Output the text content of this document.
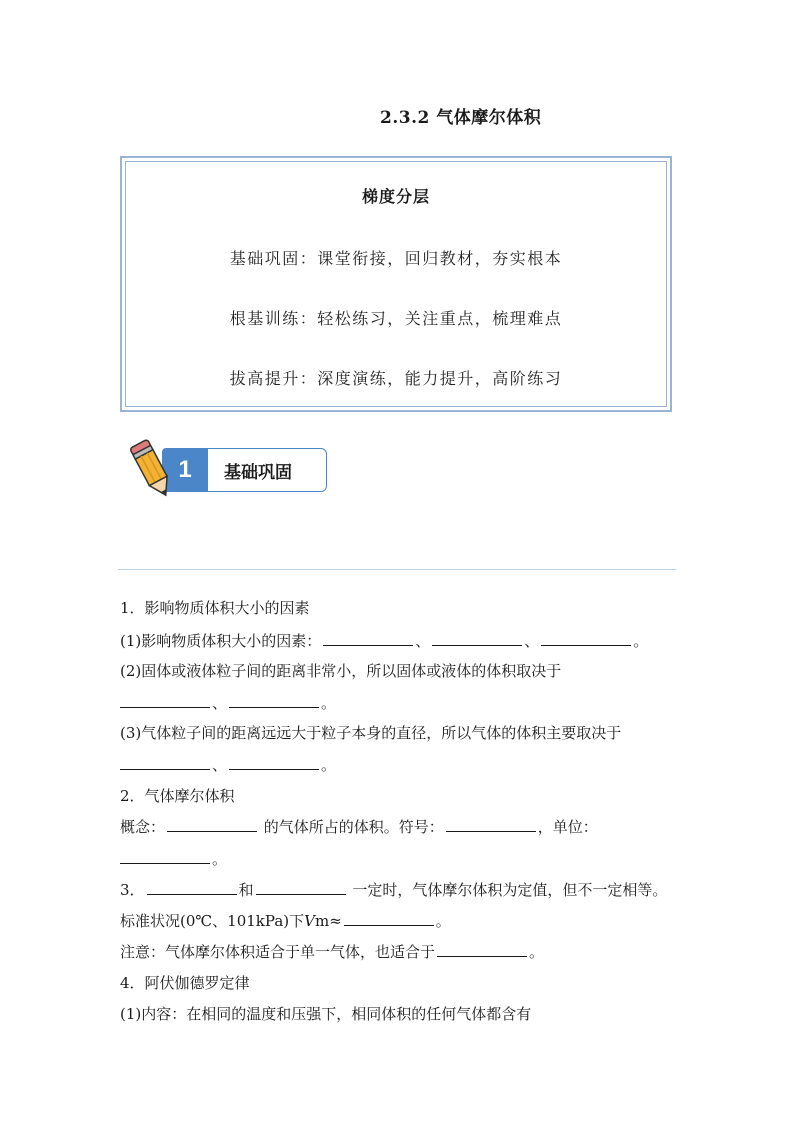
2.3.2 气体摩尔体积
梯度分层
基础巩固：课堂衔接，回归教材，夯实根本
根基训练：轻松练习，关注重点，梳理难点
拔高提升：深度演练，能力提升，高阶练习
1	基础巩固
1．影响物质体积大小的因素
(1)影响物质体积大小的因素：	、	、	。
(2)固体或液体粒子间的距离非常小，所以固体或液体的体积取决于
、	。
(3)气体粒子间的距离远远大于粒子本身的直径，所以气体的体积主要取决于
、	。
2．气体摩尔体积
概念：	的气体所占的体积。符号：	，单位：
。
3．	和	一定时，气体摩尔体积为定值，但不一定相等。
标准状况(0℃、101kPa)下Vm≈	。
注意：气体摩尔体积适合于单一气体，也适合于	。
4．阿伏伽德罗定律
(1)内容：在相同的温度和压强下，相同体积的任何气体都含有
